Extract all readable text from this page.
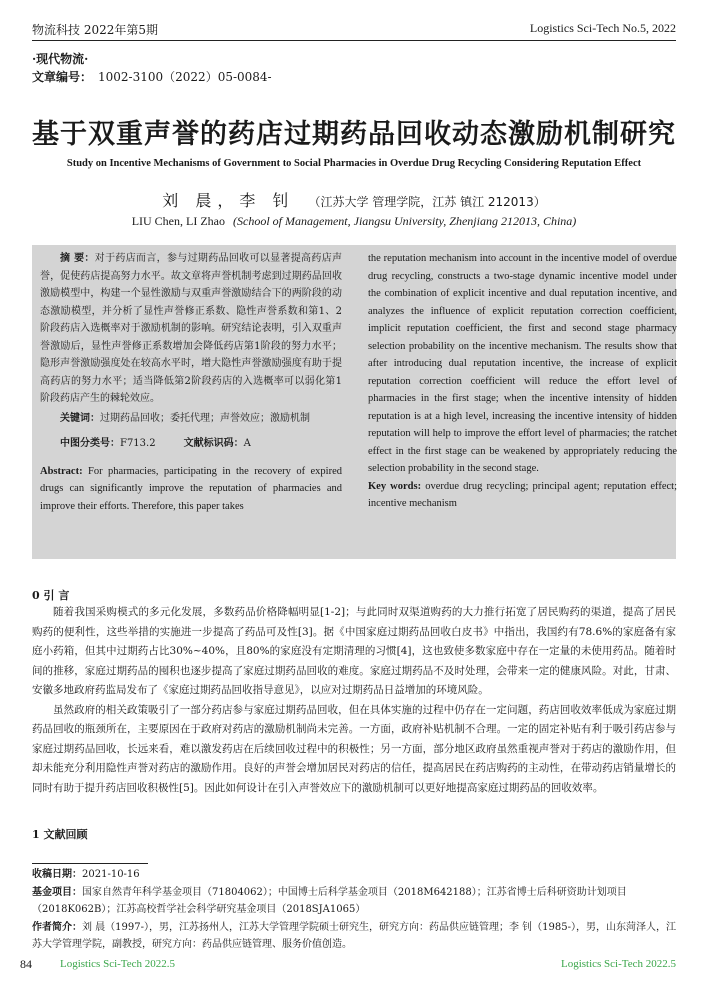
物流科技 2022年第5期	Logistics Sci-Tech No.5, 2022
·现代物流·
文章编号： 1002-3100（2022）05-0084-
基于双重声誉的药店过期药品回收动态激励机制研究
Study on Incentive Mechanisms of Government to Social Pharmacies in Overdue Drug Recycling Considering Reputation Effect
刘 晨，李 钊 （江苏大学 管理学院，江苏 镇江 212013）
LIU Chen, LI Zhao (School of Management, Jiangsu University, Zhenjiang 212013, China)
摘 要：对于药店而言，参与过期药品回收可以显著提高药店声誉，促使药店提高努力水平。故文章将声誉机制考虑到过期药品回收激励模型中，构建一个显性激励与双重声誉激励结合下的两阶段的动态激励模型，并分析了显性声誉修正系数、隐性声誉系数和第1、2阶段药店入选概率对于激励机制的影响。研究结论表明，引入双重声誉激励后，显性声誉修正系数增加会降低药店第1阶段的努力水平；隐形声誉激励强度处在较高水平时，增大隐性声誉激励强度有助于提高药店的努力水平；适当降低第2阶段药店的入选概率可以弱化第1阶段药店产生的棘轮效应。
关键词：过期药品回收；委托代理；声誉效应；激励机制
中图分类号：F713.2	文献标识码：A
Abstract: For pharmacies, participating in the recovery of expired drugs can significantly improve the reputation of pharmacies and improve their efforts. Therefore, this paper takes
the reputation mechanism into account in the incentive model of overdue drug recycling, constructs a two-stage dynamic incentive model under the combination of explicit incentive and dual reputation incentive, and analyzes the influence of explicit reputation correction coefficient, implicit reputation coefficient, the first and second stage pharmacy selection probability on the incentive mechanism. The results show that after introducing dual reputation incentive, the increase of explicit reputation correction coefficient will reduce the effort level of pharmacies in the first stage; when the incentive intensity of hidden reputation is at a high level, increasing the incentive intensity of hidden reputation will help to improve the effort level of pharmacies; the ratchet effect in the first stage can be weakened by appropriately reducing the selection probability in the second stage.
Key words: overdue drug recycling; principal agent; reputation effect; incentive mechanism
0 引 言

随着我国采购模式的多元化发展，多数药品价格降幅明显[1-2]；与此同时双渠道购药的大力推行拓宽了居民购药的渠道，提高了居民购药的便利性，这些举措的实施进一步提高了药品可及性[3]。据《中国家庭过期药品回收白皮书》中指出，我国约有78.6%的家庭备有家庭小药箱，但其中过期药占比30%~40%，且80%的家庭没有定期清理的习惯[4]，这也致使多数家庭中存在一定量的未使用药品。随着时间的推移，家庭过期药品的囤积也逐步提高了家庭过期药品回收的难度。家庭过期药品不及时处理，会带来一定的健康风险。对此，甘肃、安徽多地政府药监局发布了《家庭过期药品回收指导意见》，以应对过期药品日益增加的环境风险。

虽然政府的相关政策吸引了一部分药店参与家庭过期药品回收，但在具体实施的过程中仍存在一定问题，药店回收效率低成为家庭过期药品回收的瓶颈所在，主要原因在于政府对药店的激励机制尚未完善。一方面，政府补贴机制不合理。一定的固定补贴有利于吸引药店参与家庭过期药品回收，长远来看，难以激发药店在后续回收过程中的积极性；另一方面，部分地区政府虽然重视声誉对于药店的激励作用，但却未能充分利用隐性声誉对药店的激励作用。良好的声誉会增加居民对药店的信任，提高居民在药店购药的主动性，在带动药店销量增长的同时有助于提升药店回收积极性[5]。因此如何设计在引入声誉效应下的激励机制可以更好地提高家庭过期药品的回收效率。

1 文献回顾
收稿日期：2021-10-16
基金项目：国家自然青年科学基金项目（71804062）；中国博士后科学基金项目（2018M642188）；江苏省博士后科研资助计划项目（2018K062B）；江苏高校哲学社会科学研究基金项目（2018SJA1065）
作者简介：刘 晨（1997-），男，江苏扬州人，江苏大学管理学院硕士研究生，研究方向：药品供应链管理；李 钊（1985-），男，山东菏泽人，江苏大学管理学院，副教授，研究方向：药品供应链管理、服务价值创造。
84	Logistics Sci-Tech 2022.5	Logistics Sci-Tech 2022.5
